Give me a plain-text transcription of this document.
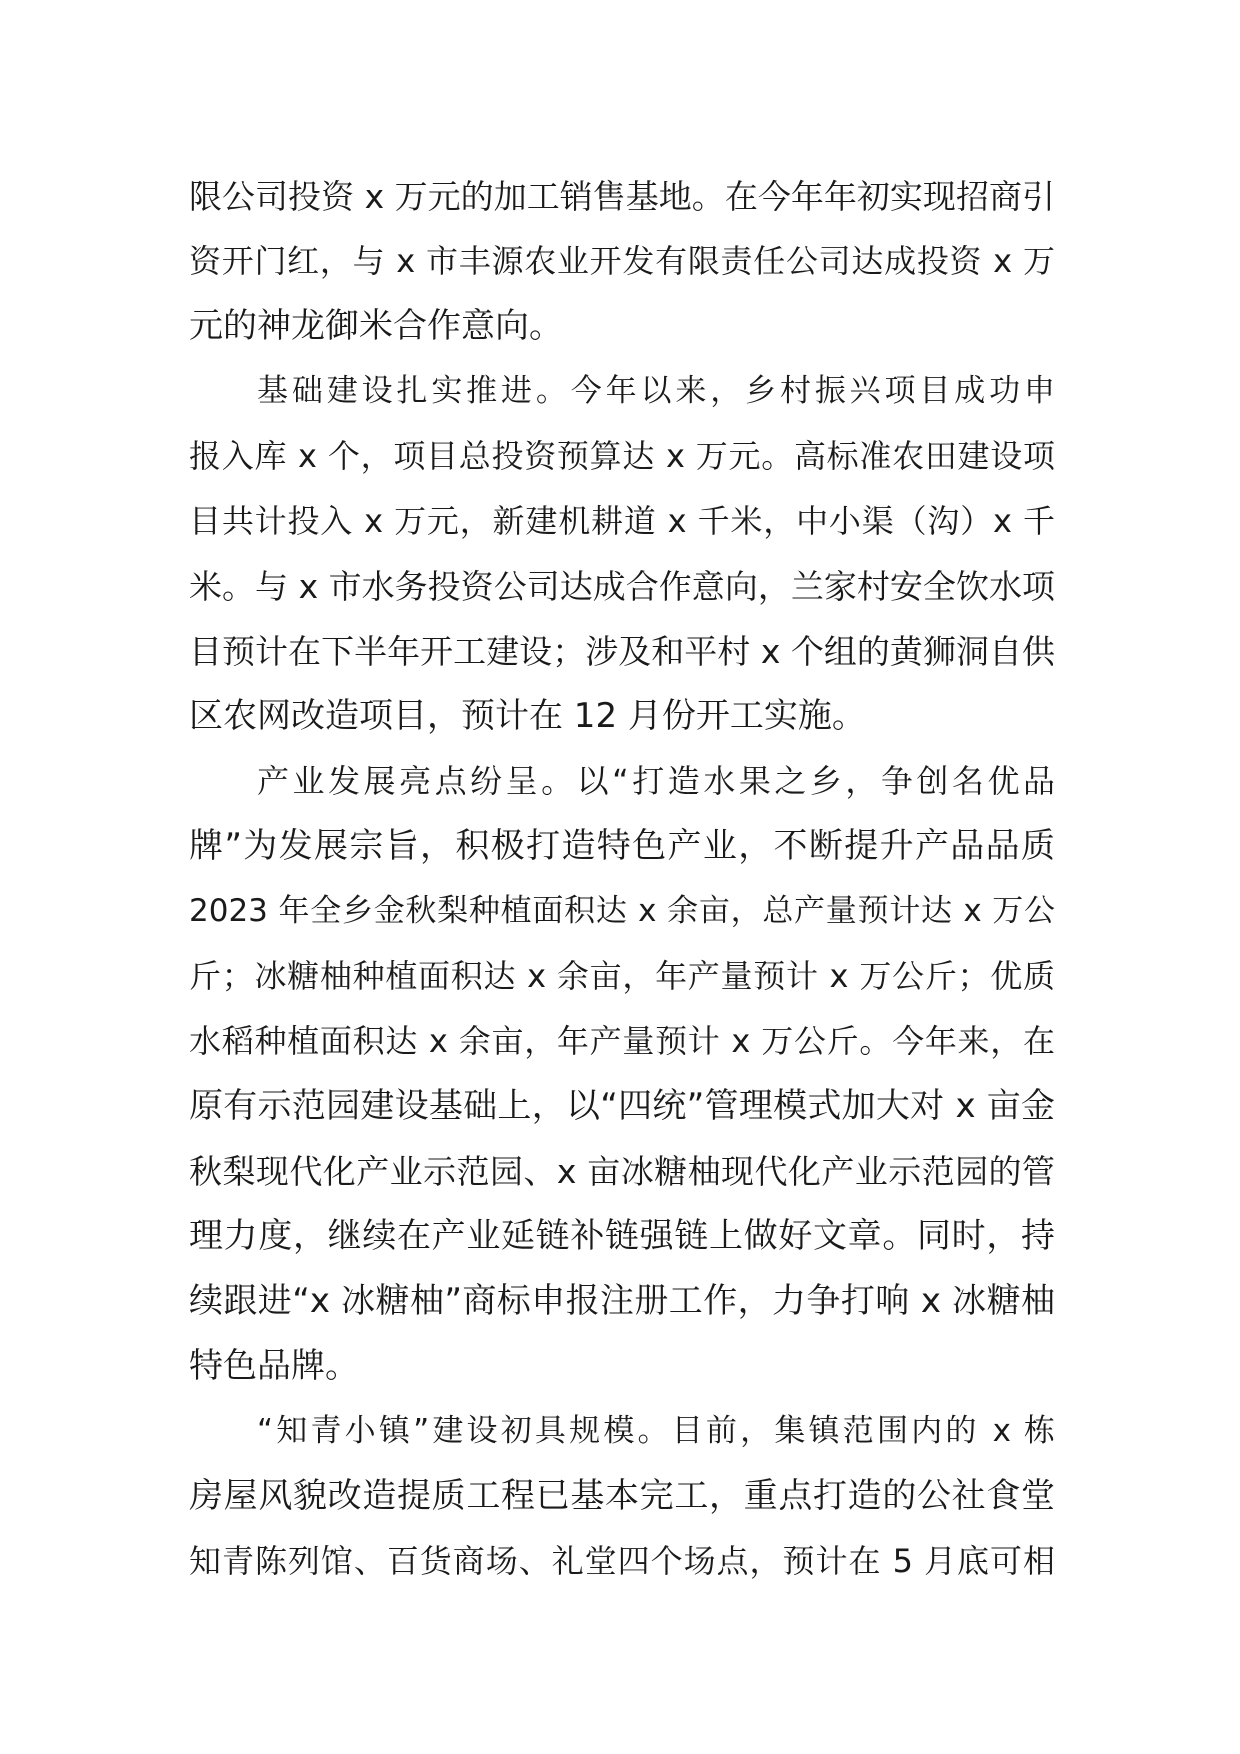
限公司投资 x 万元的加工销售基地。在今年年初实现招商引
资开门红，与 x 市丰源农业开发有限责任公司达成投资 x 万
元的神龙御米合作意向。
基础建设扎实推进。今年以来，乡村振兴项目成功申
报入库 x 个，项目总投资预算达 x 万元。高标准农田建设项
目共计投入 x 万元，新建机耕道 x 千米，中小渠（沟）x 千
米。与 x 市水务投资公司达成合作意向，兰家村安全饮水项
目预计在下半年开工建设；涉及和平村 x 个组的黄狮洞自供
区农网改造项目，预计在 12 月份开工实施。
产业发展亮点纷呈。以“打造水果之乡，争创名优品
牌”为发展宗旨，积极打造特色产业，不断提升产品品质
2023 年全乡金秋梨种植面积达 x 余亩，总产量预计达 x 万公
斤；冰糖柚种植面积达 x 余亩，年产量预计 x 万公斤；优质
水稻种植面积达 x 余亩，年产量预计 x 万公斤。今年来，在
原有示范园建设基础上，以“四统”管理模式加大对 x 亩金
秋梨现代化产业示范园、x 亩冰糖柚现代化产业示范园的管
理力度，继续在产业延链补链强链上做好文章。同时，持
续跟进“x 冰糖柚”商标申报注册工作，力争打响 x 冰糖柚
特色品牌。
“知青小镇”建设初具规模。目前，集镇范围内的 x 栋
房屋风貌改造提质工程已基本完工，重点打造的公社食堂
知青陈列馆、百货商场、礼堂四个场点，预计在 5 月底可相
